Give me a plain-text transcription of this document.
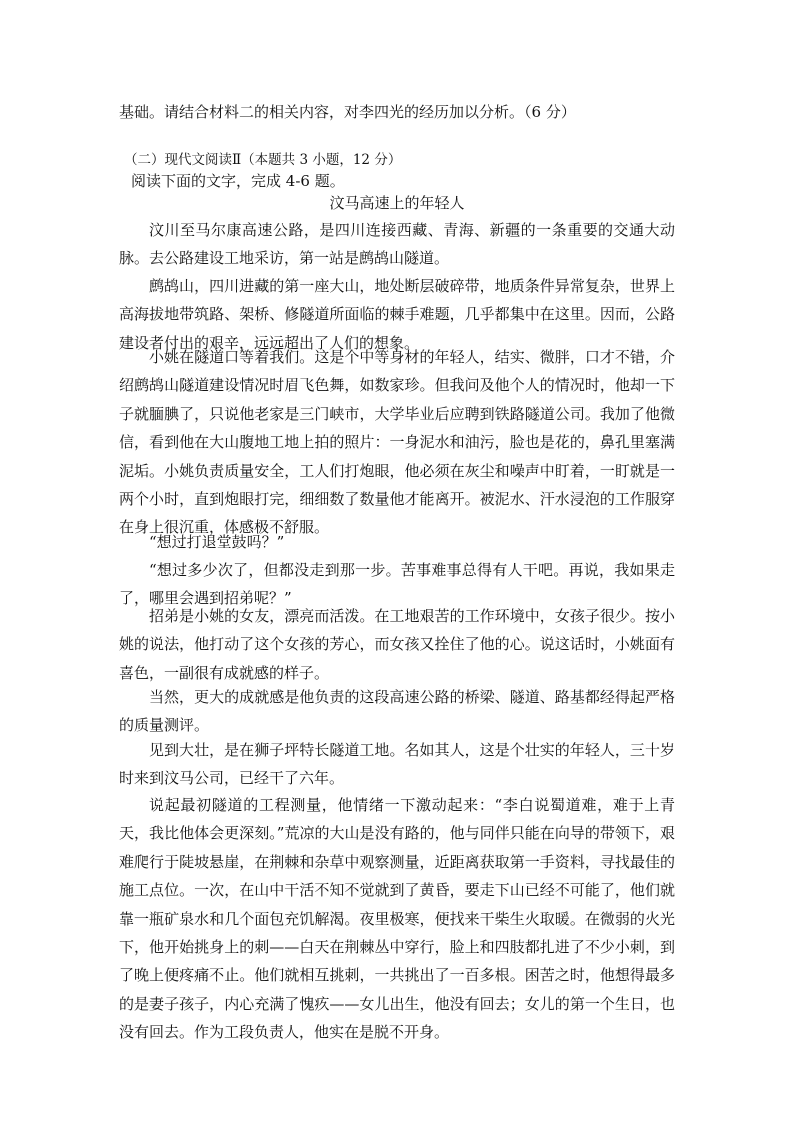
基础。请结合材料二的相关内容，对李四光的经历加以分析。（6 分）
（二）现代文阅读Ⅱ（本题共 3 小题，12 分）
阅读下面的文字，完成 4-6 题。
汶马高速上的年轻人
汶川至马尔康高速公路，是四川连接西藏、青海、新疆的一条重要的交通大动脉。去公路建设工地采访，第一站是鹧鸪山隧道。
鹧鸪山，四川进藏的第一座大山，地处断层破碎带，地质条件异常复杂，世界上高海拔地带筑路、架桥、修隧道所面临的棘手难题，几乎都集中在这里。因而，公路建设者付出的艰辛，远远超出了人们的想象。
小姚在隧道口等着我们。这是个中等身材的年轻人，结实、微胖，口才不错，介绍鹧鸪山隧道建设情况时眉飞色舞，如数家珍。但我问及他个人的情况时，他却一下子就腼腆了，只说他老家是三门峡市，大学毕业后应聘到铁路隧道公司。我加了他微信，看到他在大山腹地工地上拍的照片：一身泥水和油污，脸也是花的，鼻孔里塞满泥垢。小姚负责质量安全，工人们打炮眼，他必须在灰尘和噪声中盯着，一盯就是一两个小时，直到炮眼打完，细细数了数量他才能离开。被泥水、汗水浸泡的工作服穿在身上很沉重，体感极不舒服。
“想过打退堂鼓吗？”
“想过多少次了，但都没走到那一步。苦事难事总得有人干吧。再说，我如果走了，哪里会遇到招弟呢？”
招弟是小姚的女友，漂亮而活泼。在工地艰苦的工作环境中，女孩子很少。按小姚的说法，他打动了这个女孩的芳心，而女孩又拴住了他的心。说这话时，小姚面有喜色，一副很有成就感的样子。
当然，更大的成就感是他负责的这段高速公路的桥梁、隧道、路基都经得起严格的质量测评。
见到大壮，是在狮子坪特长隧道工地。名如其人，这是个壮实的年轻人，三十岁时来到汶马公司，已经干了六年。
说起最初隧道的工程测量，他情绪一下激动起来：“李白说蜀道难，难于上青天，我比他体会更深刻。”荒凉的大山是没有路的，他与同伴只能在向导的带领下，艰难爬行于陡坡悬崖，在荆棘和杂草中观察测量，近距离获取第一手资料，寻找最佳的施工点位。一次，在山中干活不知不觉就到了黄昏，要走下山已经不可能了，他们就靠一瓶矿泉水和几个面包充饥解渴。夜里极寒，便找来干柴生火取暖。在微弱的火光下，他开始挑身上的刺——白天在荆棘丛中穿行，脸上和四肢都扎进了不少小刺，到了晚上便疼痛不止。他们就相互挑刺，一共挑出了一百多根。困苦之时，他想得最多的是妻子孩子，内心充满了愧疚——女儿出生，他没有回去；女儿的第一个生日，也没有回去。作为工段负责人，他实在是脱不开身。
